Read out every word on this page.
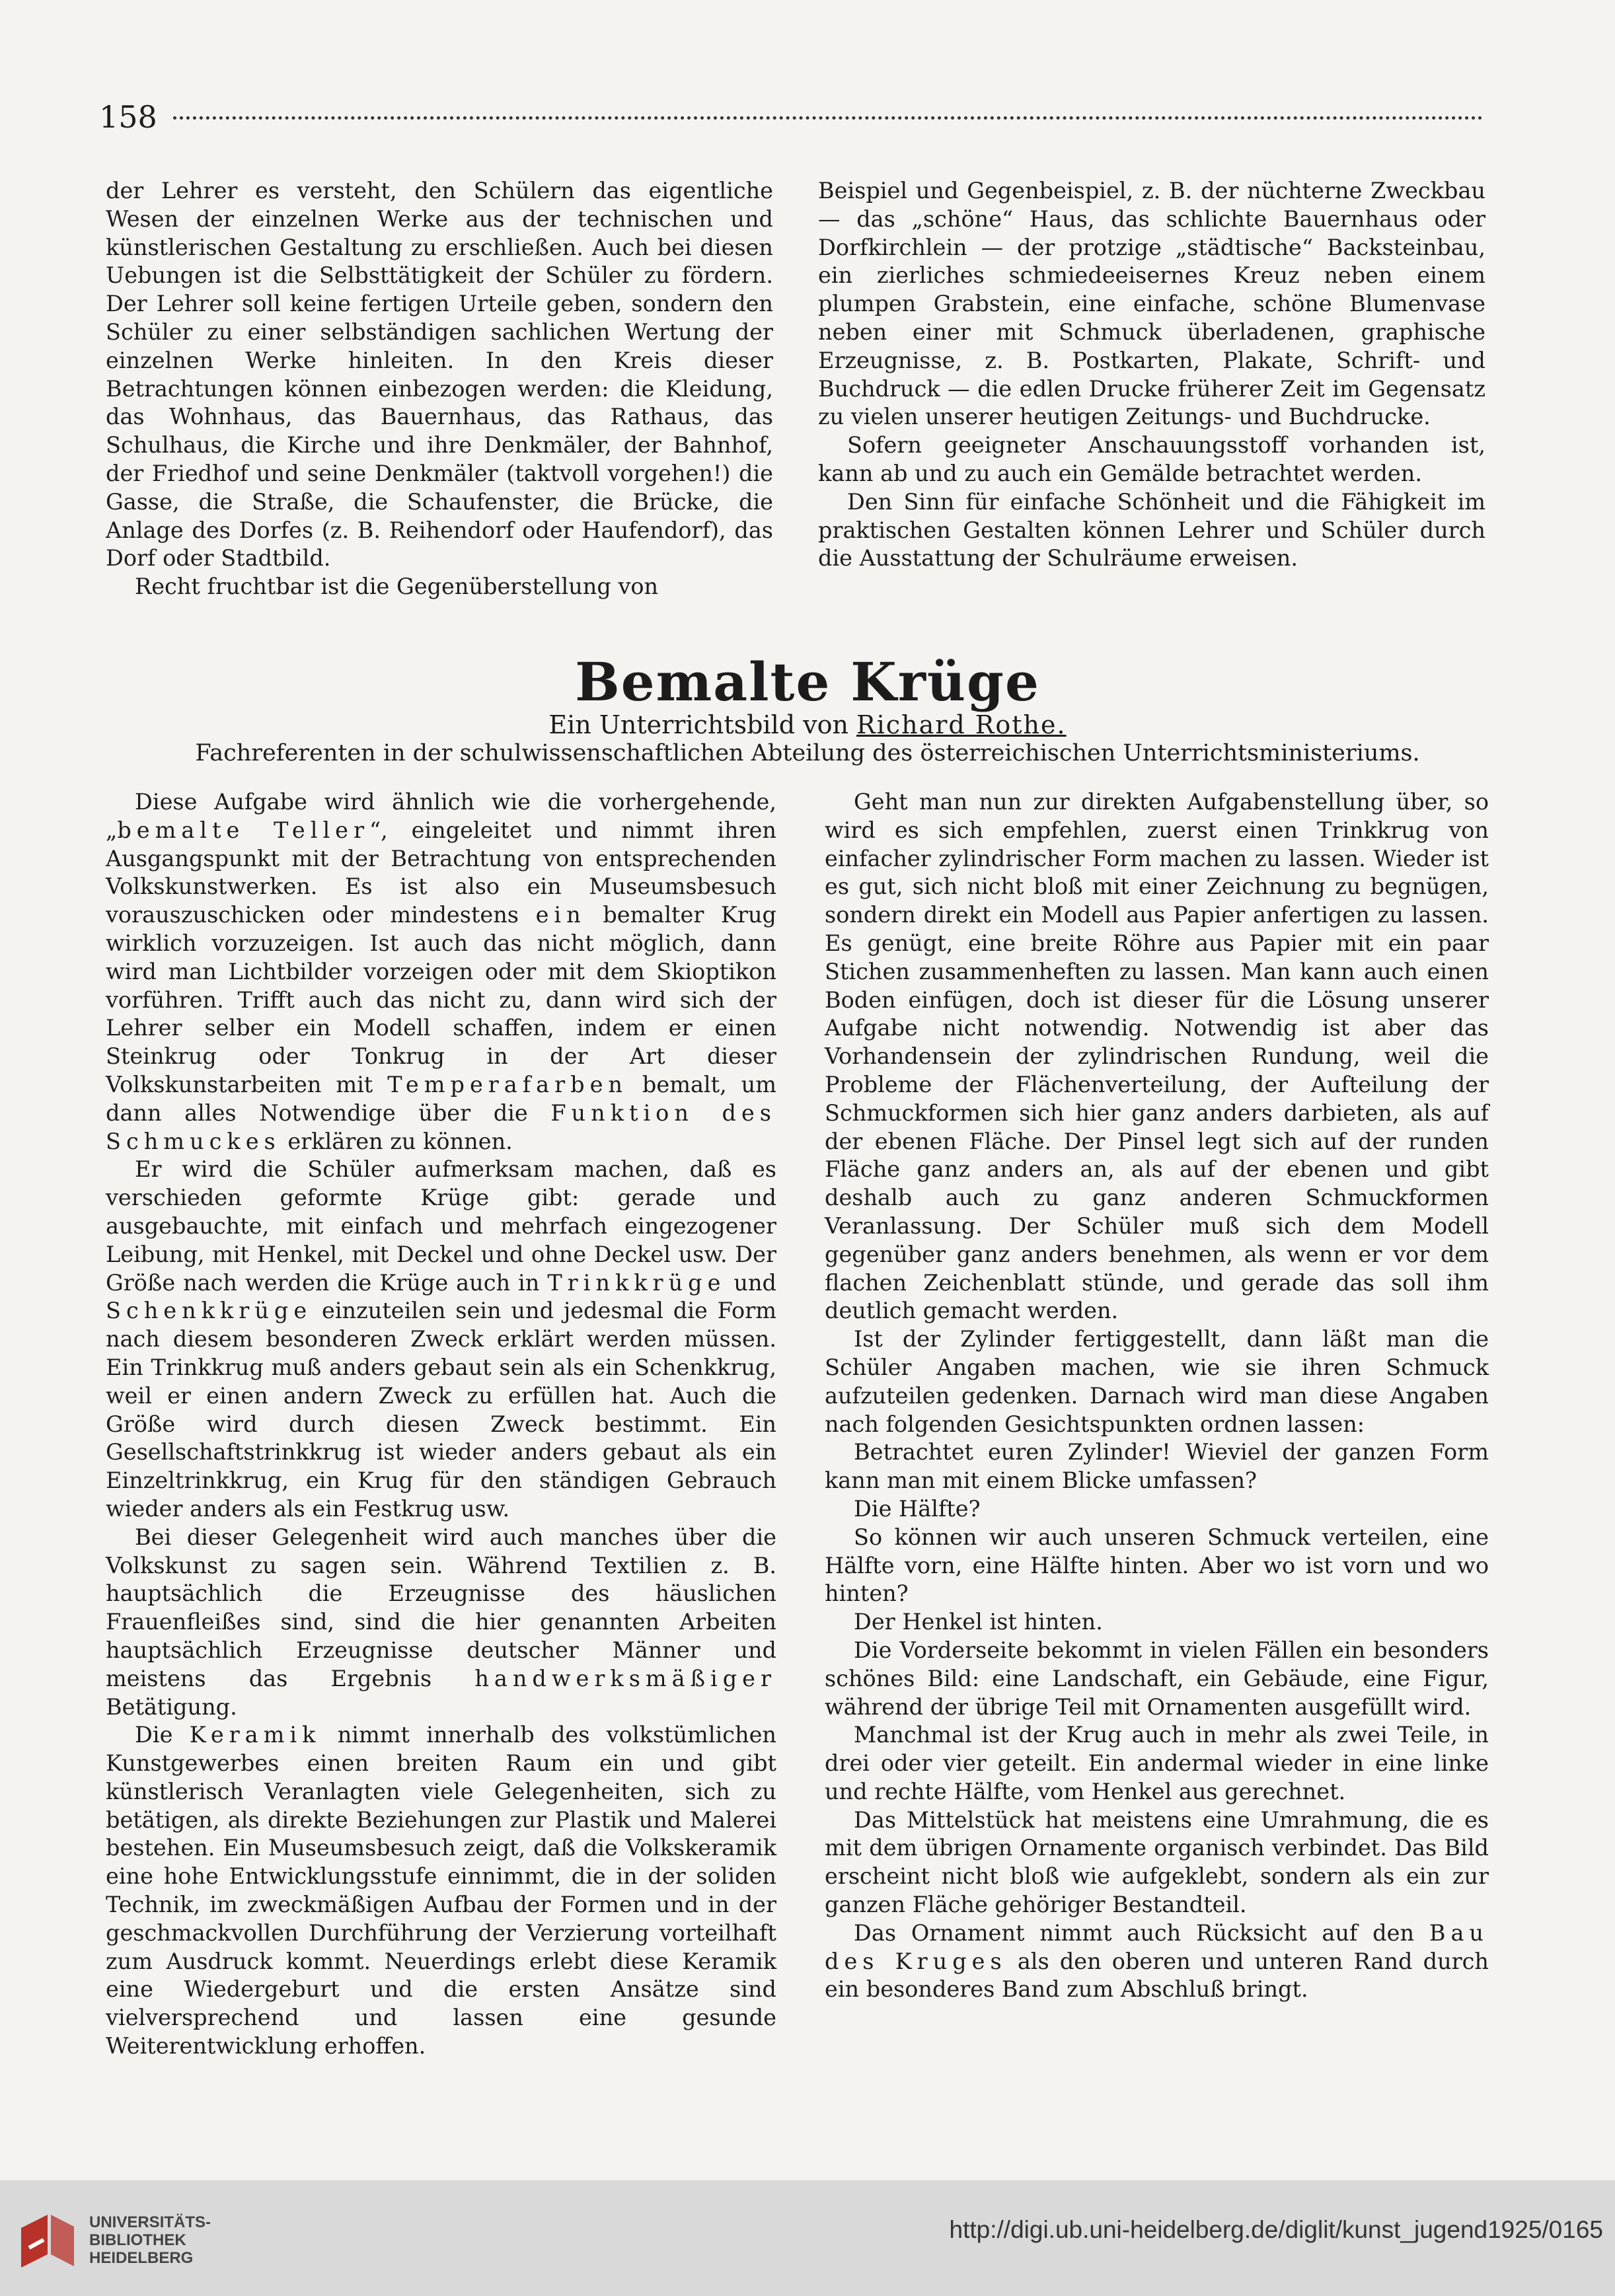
158

der Lehrer es versteht, den Schülern das eigentliche Wesen der einzelnen Werke aus der technischen und künstlerischen Gestaltung zu erschließen. Auch bei diesen Uebungen ist die Selbsttätigkeit der Schüler zu fördern. Der Lehrer soll keine fertigen Urteile geben, sondern den Schüler zu einer selbständigen sachlichen Wertung der einzelnen Werke hinleiten. In den Kreis dieser Betrachtungen können einbezogen werden: die Kleidung, das Wohnhaus, das Bauernhaus, das Rathaus, das Schulhaus, die Kirche und ihre Denkmäler, der Bahnhof, der Friedhof und seine Denkmäler (taktvoll vorgehen!) die Gasse, die Straße, die Schaufenster, die Brücke, die Anlage des Dorfes (z. B. Reihendorf oder Haufendorf), das Dorf oder Stadtbild.

Recht fruchtbar ist die Gegenüberstellung von

Beispiel und Gegenbeispiel, z. B. der nüchterne Zweckbau — das „schöne“ Haus, das schlichte Bauernhaus oder Dorfkirchlein — der protzige „städtische“ Backsteinbau, ein zierliches schmiedeeisernes Kreuz neben einem plumpen Grabstein, eine einfache, schöne Blumenvase neben einer mit Schmuck überladenen, graphische Erzeugnisse, z. B. Postkarten, Plakate, Schrift- und Buchdruck — die edlen Drucke früherer Zeit im Gegensatz zu vielen unserer heutigen Zeitungs- und Buchdrucke.

Sofern geeigneter Anschauungsstoff vorhanden ist, kann ab und zu auch ein Gemälde betrachtet werden.

Den Sinn für einfache Schönheit und die Fähigkeit im praktischen Gestalten können Lehrer und Schüler durch die Ausstattung der Schulräume erweisen.

Bemalte Krüge
Ein Unterrichtsbild von Richard Rothe.
Fachreferenten in der schulwissenschaftlichen Abteilung des österreichischen Unterrichtsministeriums.

Diese Aufgabe wird ähnlich wie die vorhergehende, „bemalte Teller“, eingeleitet und nimmt ihren Ausgangspunkt mit der Betrachtung von entsprechenden Volkskunstwerken. Es ist also ein Museumsbesuch vorauszuschicken oder mindestens ein bemalter Krug wirklich vorzuzeigen. Ist auch das nicht möglich, dann wird man Lichtbilder vorzeigen oder mit dem Skioptikon vorführen. Trifft auch das nicht zu, dann wird sich der Lehrer selber ein Modell schaffen, indem er einen Steinkrug oder Tonkrug in der Art dieser Volkskunstarbeiten mit Temperafarben bemalt, um dann alles Notwendige über die Funktion des Schmuckes erklären zu können.

Er wird die Schüler aufmerksam machen, daß es verschieden geformte Krüge gibt: gerade und ausgebauchte, mit einfach und mehrfach eingezogener Leibung, mit Henkel, mit Deckel und ohne Deckel usw. Der Größe nach werden die Krüge auch in Trinkkrüge und Schenkkrüge einzuteilen sein und jedesmal die Form nach diesem besonderen Zweck erklärt werden müssen. Ein Trinkkrug muß anders gebaut sein als ein Schenkkrug, weil er einen andern Zweck zu erfüllen hat. Auch die Größe wird durch diesen Zweck bestimmt. Ein Gesellschaftstrinkkrug ist wieder anders gebaut als ein Einzeltrinkkrug, ein Krug für den ständigen Gebrauch wieder anders als ein Festkrug usw.

Bei dieser Gelegenheit wird auch manches über die Volkskunst zu sagen sein. Während Textilien z. B. hauptsächlich die Erzeugnisse des häuslichen Frauenfleißes sind, sind die hier genannten Arbeiten hauptsächlich Erzeugnisse deutscher Männer und meistens das Ergebnis handwerksmäßiger Betätigung.

Die Keramik nimmt innerhalb des volkstümlichen Kunstgewerbes einen breiten Raum ein und gibt künstlerisch Veranlagten viele Gelegenheiten, sich zu betätigen, als direkte Beziehungen zur Plastik und Malerei bestehen. Ein Museumsbesuch zeigt, daß die Volkskeramik eine hohe Entwicklungsstufe einnimmt, die in der soliden Technik, im zweckmäßigen Aufbau der Formen und in der geschmackvollen Durchführung der Verzierung vorteilhaft zum Ausdruck kommt. Neuerdings erlebt diese Keramik eine Wiedergeburt und die ersten Ansätze sind vielversprechend und lassen eine gesunde Weiterentwicklung erhoffen.

Geht man nun zur direkten Aufgabenstellung über, so wird es sich empfehlen, zuerst einen Trinkkrug von einfacher zylindrischer Form machen zu lassen. Wieder ist es gut, sich nicht bloß mit einer Zeichnung zu begnügen, sondern direkt ein Modell aus Papier anfertigen zu lassen. Es genügt, eine breite Röhre aus Papier mit ein paar Stichen zusammenheften zu lassen. Man kann auch einen Boden einfügen, doch ist dieser für die Lösung unserer Aufgabe nicht notwendig. Notwendig ist aber das Vorhandensein der zylindrischen Rundung, weil die Probleme der Flächenverteilung, der Aufteilung der Schmuckformen sich hier ganz anders darbieten, als auf der ebenen Fläche. Der Pinsel legt sich auf der runden Fläche ganz anders an, als auf der ebenen und gibt deshalb auch zu ganz anderen Schmuckformen Veranlassung. Der Schüler muß sich dem Modell gegenüber ganz anders benehmen, als wenn er vor dem flachen Zeichenblatt stünde, und gerade das soll ihm deutlich gemacht werden.

Ist der Zylinder fertiggestellt, dann läßt man die Schüler Angaben machen, wie sie ihren Schmuck aufzuteilen gedenken. Darnach wird man diese Angaben nach folgenden Gesichtspunkten ordnen lassen:

Betrachtet euren Zylinder! Wieviel der ganzen Form kann man mit einem Blicke umfassen?

Die Hälfte?

So können wir auch unseren Schmuck verteilen, eine Hälfte vorn, eine Hälfte hinten. Aber wo ist vorn und wo hinten?

Der Henkel ist hinten.

Die Vorderseite bekommt in vielen Fällen ein besonders schönes Bild: eine Landschaft, ein Gebäude, eine Figur, während der übrige Teil mit Ornamenten ausgefüllt wird.

Manchmal ist der Krug auch in mehr als zwei Teile, in drei oder vier geteilt. Ein andermal wieder in eine linke und rechte Hälfte, vom Henkel aus gerechnet.

Das Mittelstück hat meistens eine Umrahmung, die es mit dem übrigen Ornamente organisch verbindet. Das Bild erscheint nicht bloß wie aufgeklebt, sondern als ein zur ganzen Fläche gehöriger Bestandteil.

Das Ornament nimmt auch Rücksicht auf den Bau des Kruges als den oberen und unteren Rand durch ein besonderes Band zum Abschluß bringt.

UNIVERSITÄTS-
BIBLIOTHEK
HEIDELBERG
http://digi.ub.uni-heidelberg.de/diglit/kunst_jugend1925/0165
